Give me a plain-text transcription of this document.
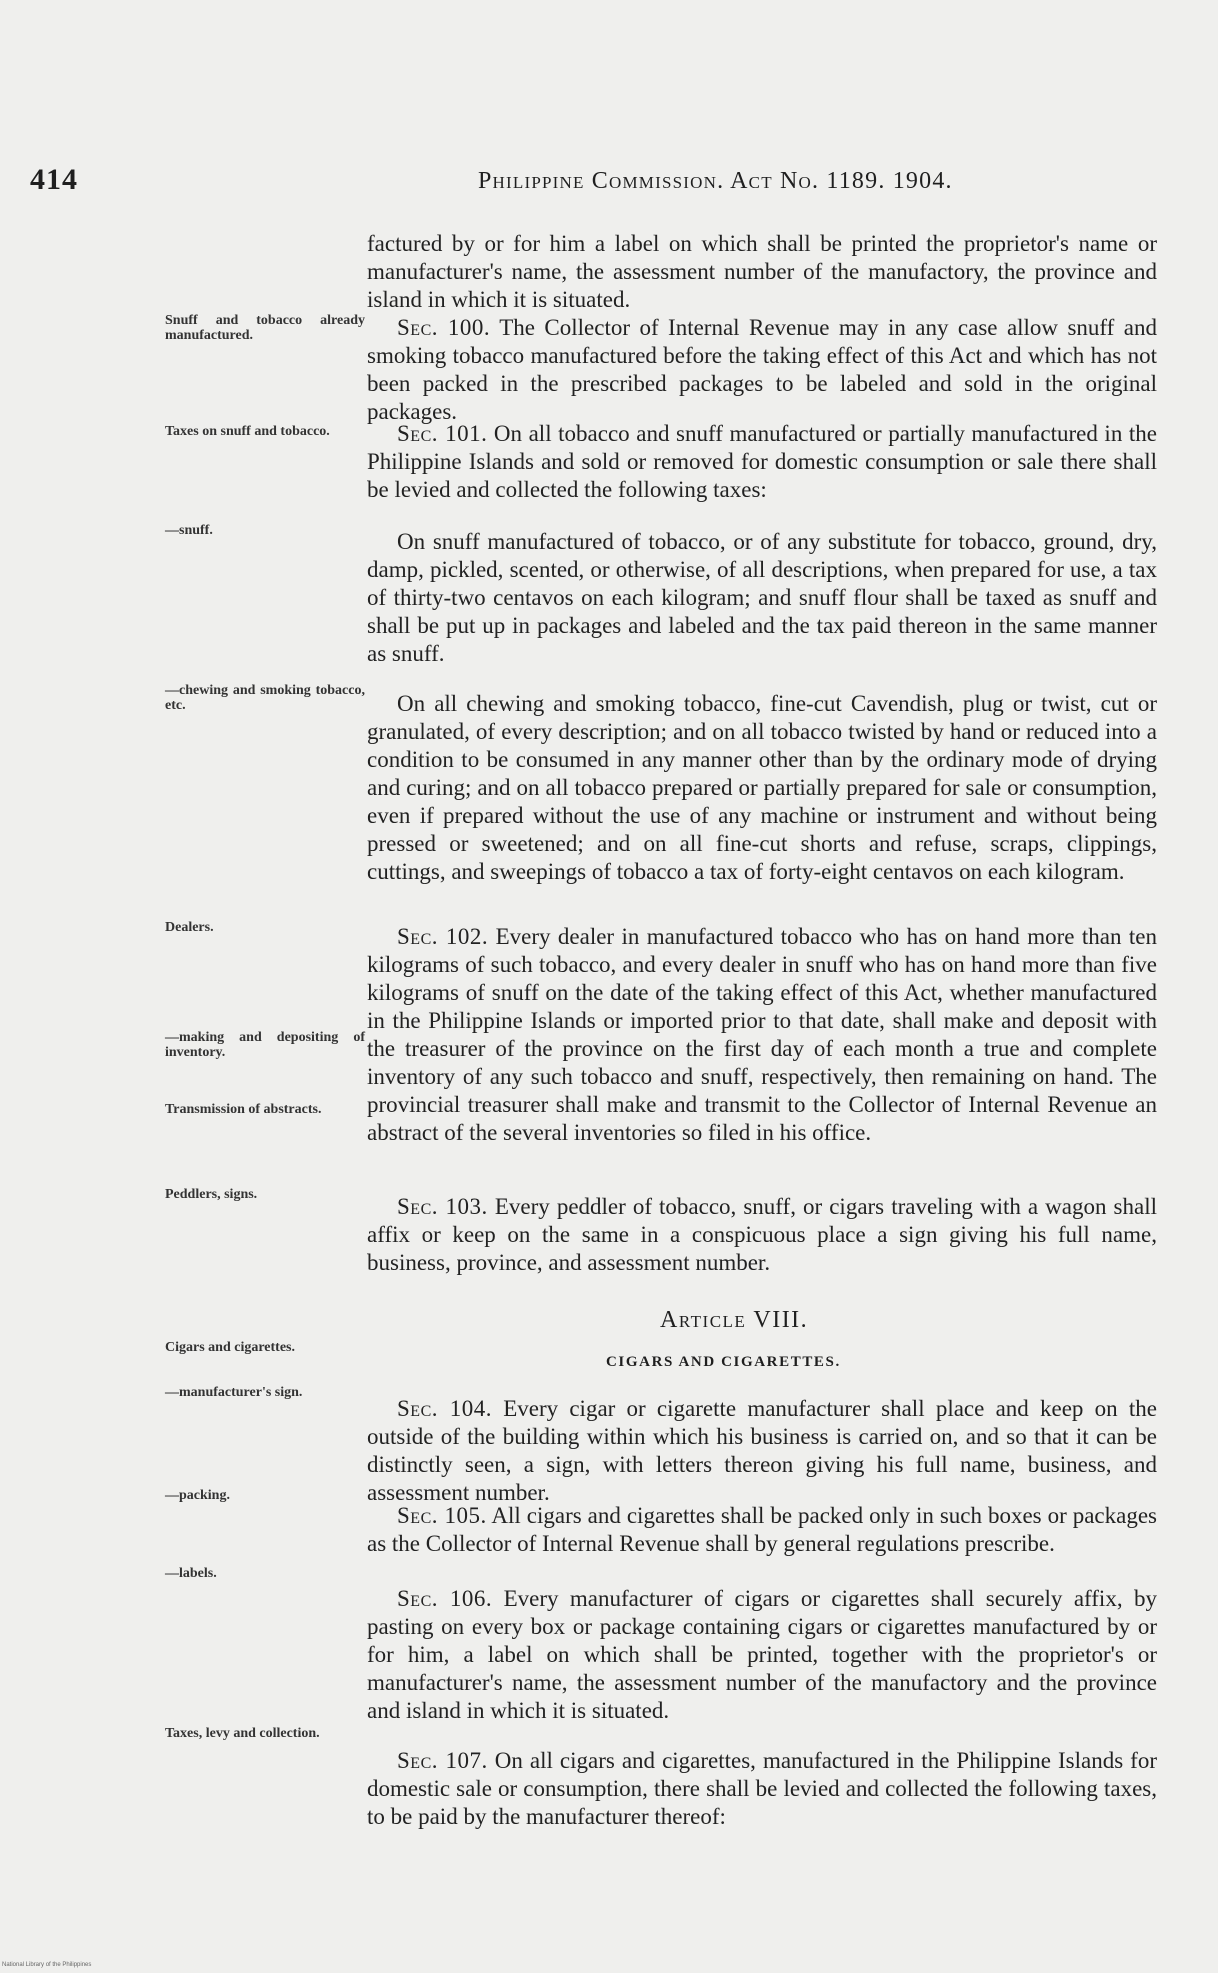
414	Philippine Commission. Act No. 1189. 1904.
Snuff and tobacco already manufactured.
Taxes on snuff and tobacco.
—snuff.
—chewing and smoking tobacco, etc.
Dealers.
—making and depositing of inventory.
Transmission of abstracts.
Peddlers, signs.
Cigars and cigarettes.
—manufacturer's sign.
—packing.
—labels.
Taxes, levy and collection.
factured by or for him a label on which shall be printed the proprietor's name or manufacturer's name, the assessment number of the manufactory, the province and island in which it is situated.
Sec. 100. The Collector of Internal Revenue may in any case allow snuff and smoking tobacco manufactured before the taking effect of this Act and which has not been packed in the prescribed packages to be labeled and sold in the original packages.
Sec. 101. On all tobacco and snuff manufactured or partially manufactured in the Philippine Islands and sold or removed for domestic consumption or sale there shall be levied and collected the following taxes:
On snuff manufactured of tobacco, or of any substitute for tobacco, ground, dry, damp, pickled, scented, or otherwise, of all descriptions, when prepared for use, a tax of thirty-two centavos on each kilogram; and snuff flour shall be taxed as snuff and shall be put up in packages and labeled and the tax paid thereon in the same manner as snuff.
On all chewing and smoking tobacco, fine-cut Cavendish, plug or twist, cut or granulated, of every description; and on all tobacco twisted by hand or reduced into a condition to be consumed in any manner other than by the ordinary mode of drying and curing; and on all tobacco prepared or partially prepared for sale or consumption, even if prepared without the use of any machine or instrument and without being pressed or sweetened; and on all fine-cut shorts and refuse, scraps, clippings, cuttings, and sweepings of tobacco a tax of forty-eight centavos on each kilogram.
Sec. 102. Every dealer in manufactured tobacco who has on hand more than ten kilograms of such tobacco, and every dealer in snuff who has on hand more than five kilograms of snuff on the date of the taking effect of this Act, whether manufactured in the Philippine Islands or imported prior to that date, shall make and deposit with the treasurer of the province on the first day of each month a true and complete inventory of any such tobacco and snuff, respectively, then remaining on hand. The provincial treasurer shall make and transmit to the Collector of Internal Revenue an abstract of the several inventories so filed in his office.
Sec. 103. Every peddler of tobacco, snuff, or cigars traveling with a wagon shall affix or keep on the same in a conspicuous place a sign giving his full name, business, province, and assessment number.
Article VIII.
CIGARS AND CIGARETTES.
Sec. 104. Every cigar or cigarette manufacturer shall place and keep on the outside of the building within which his business is carried on, and so that it can be distinctly seen, a sign, with letters thereon giving his full name, business, and assessment number.
Sec. 105. All cigars and cigarettes shall be packed only in such boxes or packages as the Collector of Internal Revenue shall by general regulations prescribe.
Sec. 106. Every manufacturer of cigars or cigarettes shall securely affix, by pasting on every box or package containing cigars or cigarettes manufactured by or for him, a label on which shall be printed, together with the proprietor's or manufacturer's name, the assessment number of the manufactory and the province and island in which it is situated.
Sec. 107. On all cigars and cigarettes, manufactured in the Philippine Islands for domestic sale or consumption, there shall be levied and collected the following taxes, to be paid by the manufacturer thereof:
National Library of the Philippines
